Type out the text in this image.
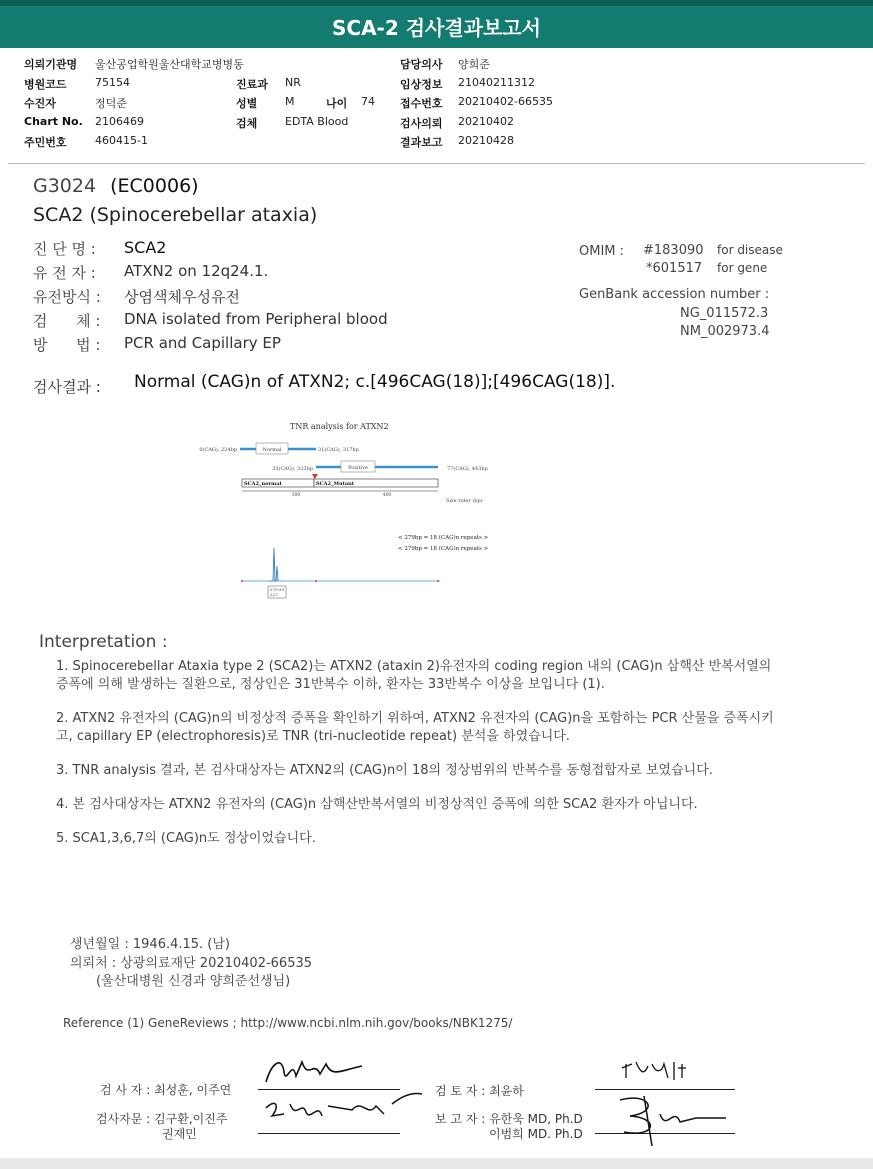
SCA-2 검사결과보고서
의뢰기관명 울산공업학원울산대학교병병동	담당의사 양희준
병원코드	75154	진료과 NR	임상정보 21040211312
수진자	정덕준	성별	M	나이 74 접수번호 20210402-66535
Chart No. 2106469	검체	EDTA Blood	검사의뢰 20210402
주민번호	460415-1	결과보고 20210428
G3024 (EC0006)
SCA2 (Spinocerebellar ataxia)
진 단 명 : SCA2
유 전 자 : ATXN2 on 12q24.1.
유전방식 : 상염색체우성유전
검      체 : DNA isolated from Peripheral blood
방      법 : PCR and Capillary EP
OMIM : #183090 for disease
*601517 for gene
GenBank accession number :
NG_011572.3
NM_002973.4
검사결과 : Normal (CAG)n of ATXN2; c.[496CAG(18)];[496CAG(18)].
TNR analysis for ATXN2
0(CAG), 224bp	Normal	31(CAG), 317bp
33(CAG), 323bp	Positive	77(CAG), 443bp
SCA2_normal	SCA2_Mutant
300	400
Size ruler (bp)
< 279bp = 18 (CAG)n repeats >
< 279bp = 18 (CAG)n repeats >
279.93
227
Interpretation :
1. Spinocerebellar Ataxia type 2 (SCA2)는 ATXN2 (ataxin 2)유전자의 coding region 내의 (CAG)n 삼핵산 반복서열의 증폭에 의해 발생하는 질환으로, 정상인은 31반복수 이하, 환자는 33반복수 이상을 보입니다 (1).
2. ATXN2 유전자의 (CAG)n의 비정상적 증폭을 확인하기 위하여, ATXN2 유전자의 (CAG)n을 포함하는 PCR 산물을 증폭시키고, capillary EP (electrophoresis)로 TNR (tri-nucleotide repeat) 분석을 하였습니다.
3. TNR analysis 결과, 본 검사대상자는 ATXN2의 (CAG)n이 18의 정상범위의 반복수를 동형접합자로 보였습니다.
4. 본 검사대상자는 ATXN2 유전자의 (CAG)n 삼핵산반복서열의 비정상적인 증폭에 의한 SCA2 환자가 아닙니다.
5. SCA1,3,6,7의 (CAG)n도 정상이었습니다.
생년월일 : 1946.4.15. (남)
의뢰처 : 상광의료재단 20210402-66535
(울산대병원 신경과 양희준선생님)
Reference (1) GeneReviews ; http://www.ncbi.nlm.nih.gov/books/NBK1275/
검 사 자 : 최성훈, 이주연	검 토 자 : 최윤하
검사자문 : 김구환,이진주
권재민
보 고 자 : 유한욱 MD, Ph.D
이범희 MD. Ph.D
